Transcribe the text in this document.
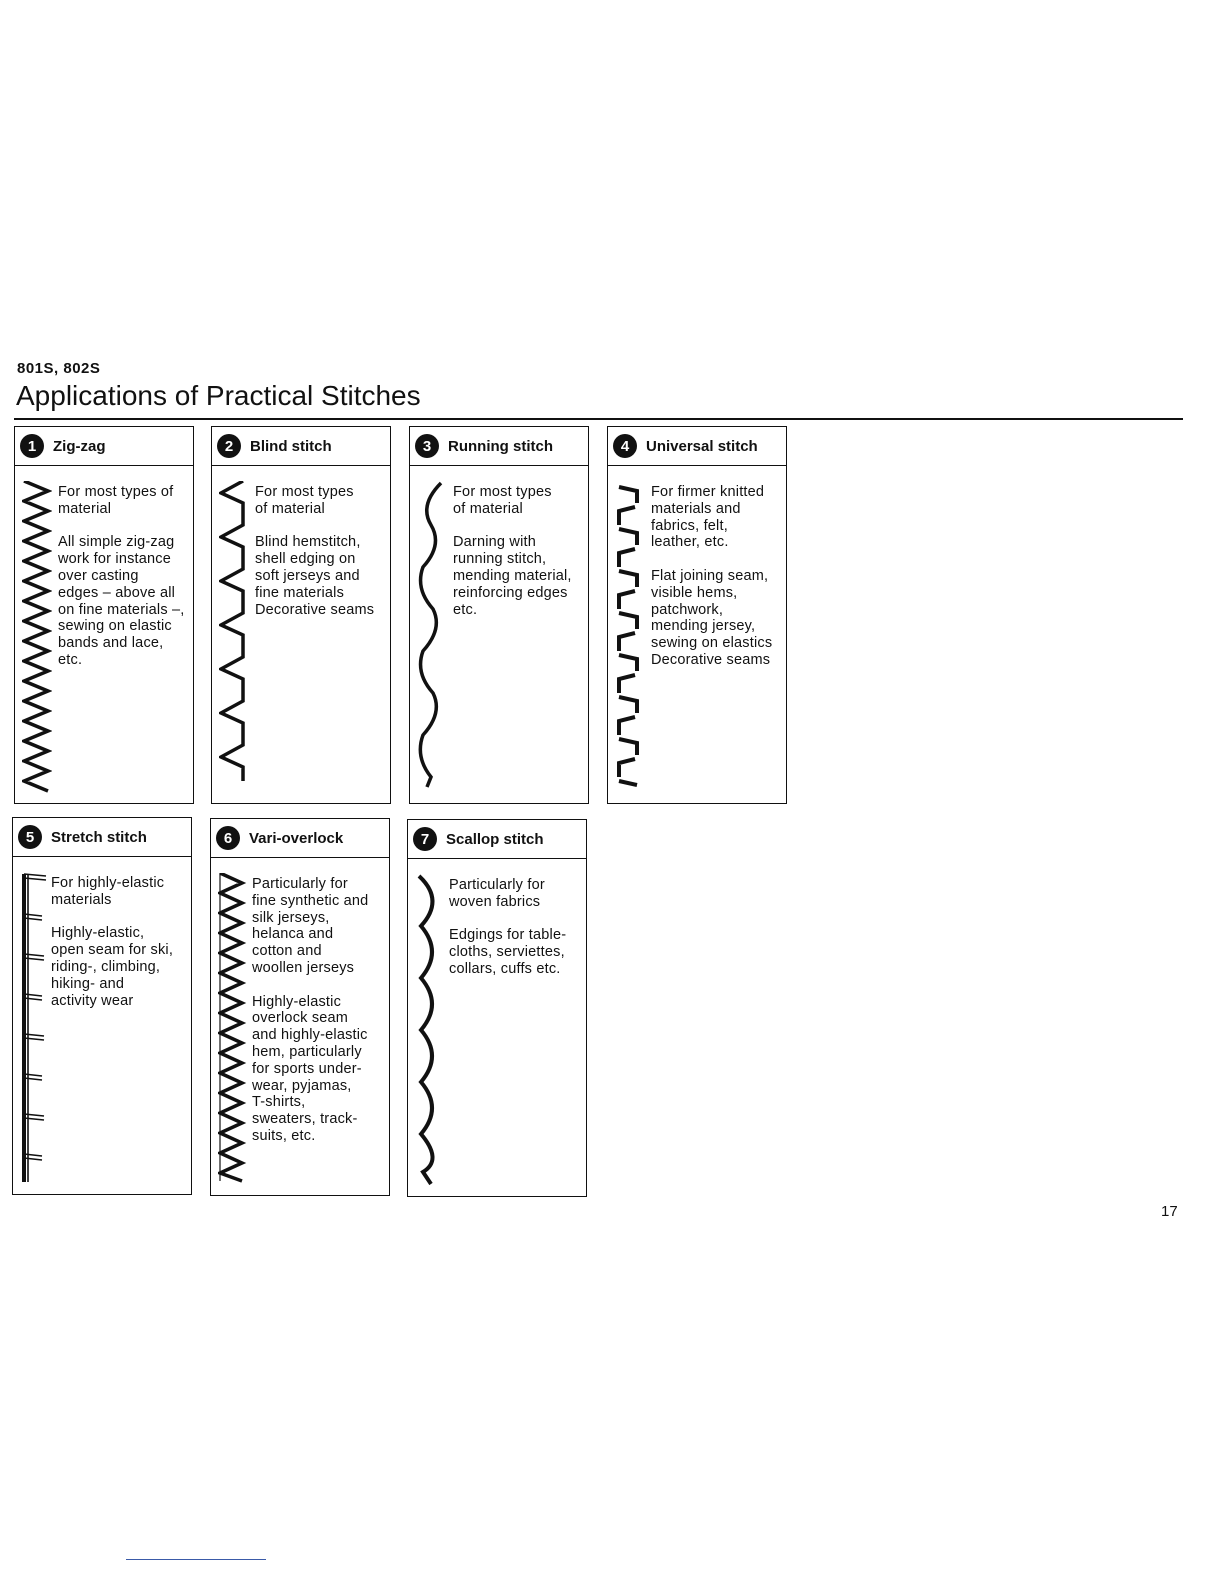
801S, 802S
Applications of Practical Stitches
1	Zig-zag

For most types of
material

All simple zig-zag
work for instance
over casting
edges – above all
on fine materials –,
sewing on elastic
bands and lace,
etc.

2	Blind stitch

For most types
of material

Blind hemstitch,
shell edging on
soft jerseys and
fine materials
Decorative seams

3	Running stitch

For most types
of material

Darning with
running stitch,
mending material,
reinforcing edges
etc.

4	Universal stitch

For firmer knitted
materials and
fabrics, felt,
leather, etc.

Flat joining seam,
visible hems,
patchwork,
mending jersey,
sewing on elastics
Decorative seams

5	Stretch stitch

For highly-elastic
materials

Highly-elastic,
open seam for ski,
riding-, climbing,
hiking- and
activity wear

6	Vari-overlock

Particularly for
fine synthetic and
silk jerseys,
helanca and
cotton and
woollen jerseys

Highly-elastic
overlock seam
and highly-elastic
hem, particularly
for sports under-
wear, pyjamas,
T-shirts,
sweaters, track-
suits, etc.

7	Scallop stitch

Particularly for
woven fabrics

Edgings for table-
cloths, serviettes,
collars, cuffs etc.

17
